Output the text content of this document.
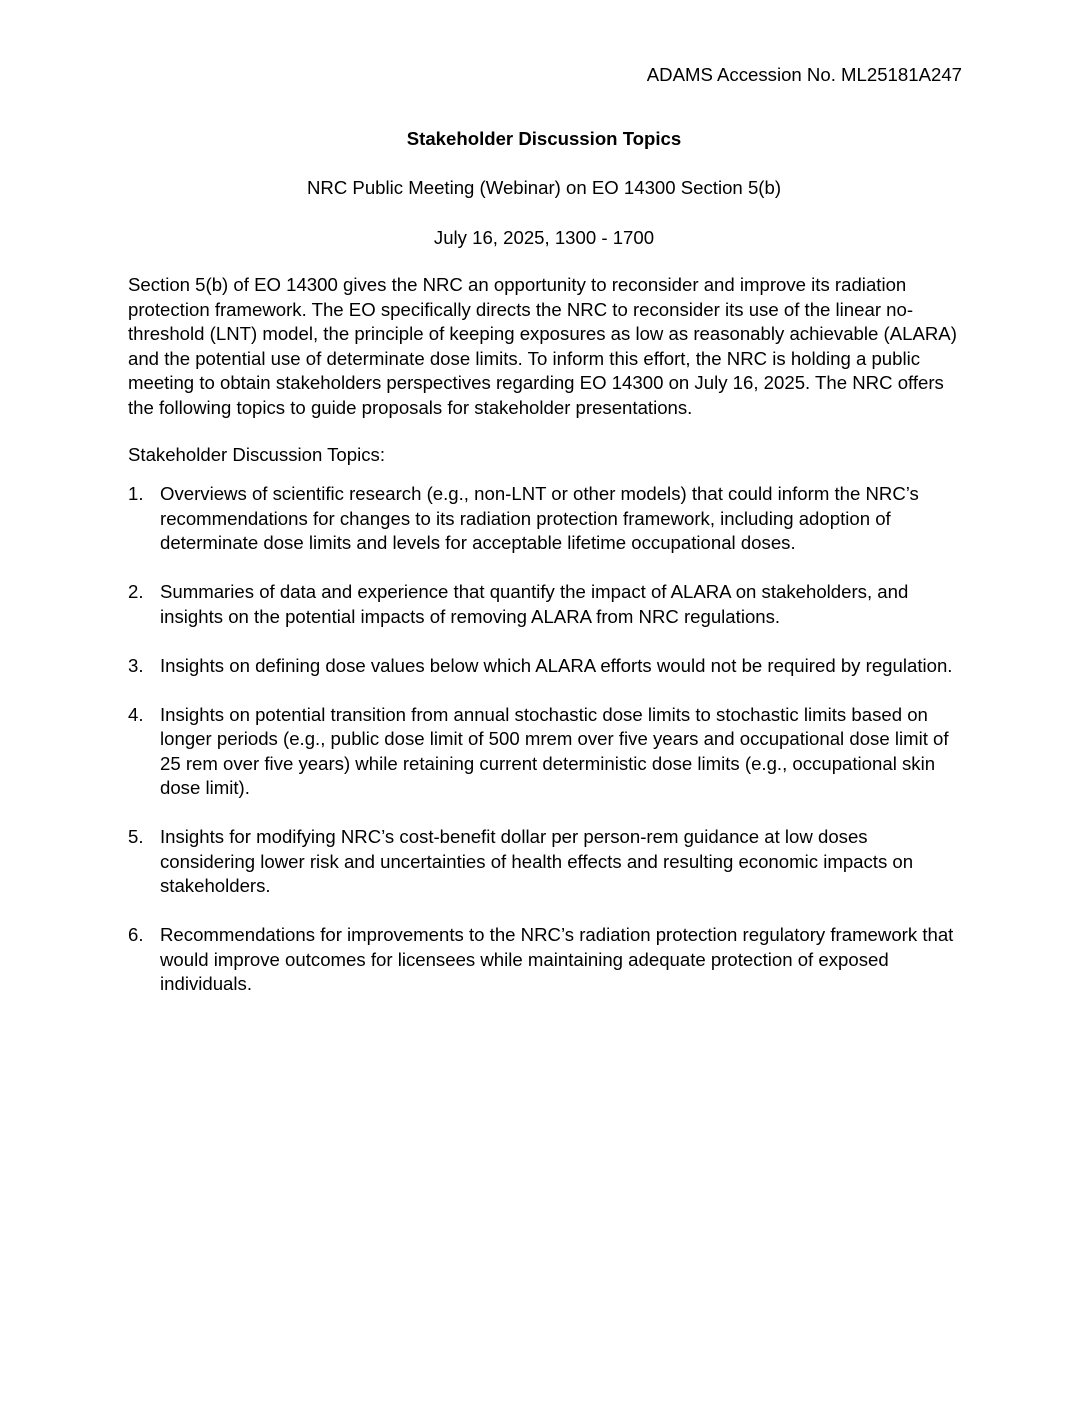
ADAMS Accession No. ML25181A247
Stakeholder Discussion Topics
NRC Public Meeting (Webinar) on EO 14300 Section 5(b)
July 16, 2025, 1300 - 1700

Section 5(b) of EO 14300 gives the NRC an opportunity to reconsider and improve its radiation protection framework. The EO specifically directs the NRC to reconsider its use of the linear no-threshold (LNT) model, the principle of keeping exposures as low as reasonably achievable (ALARA) and the potential use of determinate dose limits. To inform this effort, the NRC is holding a public meeting to obtain stakeholders perspectives regarding EO 14300 on July 16, 2025. The NRC offers the following topics to guide proposals for stakeholder presentations.

Stakeholder Discussion Topics:
1. Overviews of scientific research (e.g., non-LNT or other models) that could inform the NRC’s recommendations for changes to its radiation protection framework, including adoption of determinate dose limits and levels for acceptable lifetime occupational doses.
2. Summaries of data and experience that quantify the impact of ALARA on stakeholders, and insights on the potential impacts of removing ALARA from NRC regulations.
3. Insights on defining dose values below which ALARA efforts would not be required by regulation.
4. Insights on potential transition from annual stochastic dose limits to stochastic limits based on longer periods (e.g., public dose limit of 500 mrem over five years and occupational dose limit of 25 rem over five years) while retaining current deterministic dose limits (e.g., occupational skin dose limit).
5. Insights for modifying NRC’s cost-benefit dollar per person-rem guidance at low doses considering lower risk and uncertainties of health effects and resulting economic impacts on stakeholders.
6. Recommendations for improvements to the NRC’s radiation protection regulatory framework that would improve outcomes for licensees while maintaining adequate protection of exposed individuals.
